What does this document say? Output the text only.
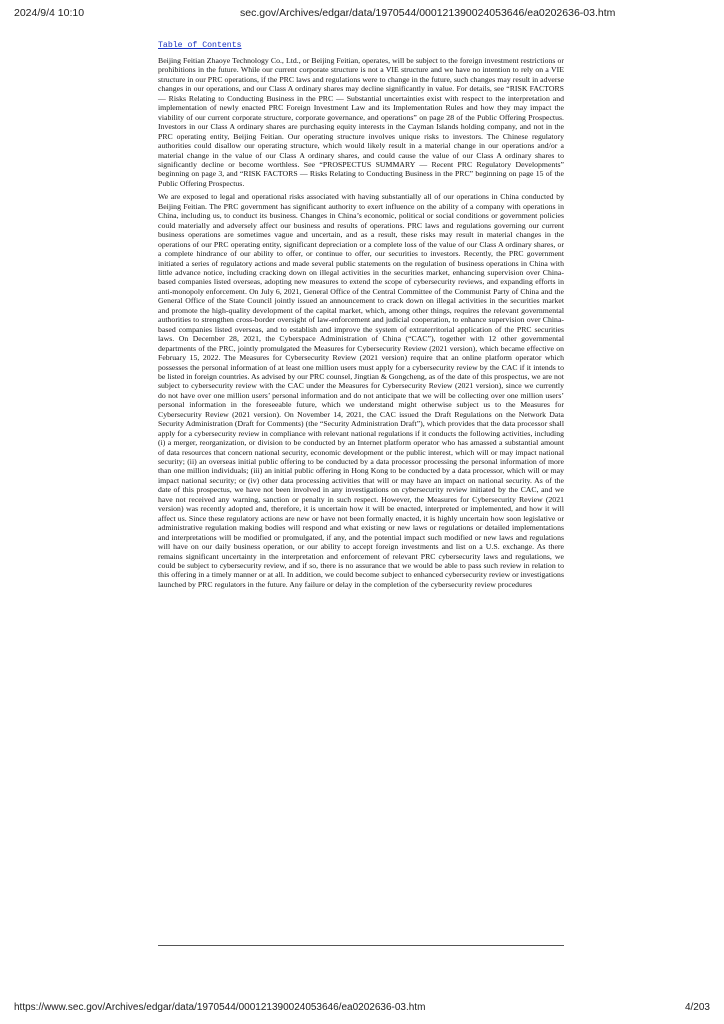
2024/9/4 10:10	sec.gov/Archives/edgar/data/1970544/000121390024053646/ea0202636-03.htm
Table of Contents

Beijing Feitian Zhaoye Technology Co., Ltd., or Beijing Feitian, operates, will be subject to the foreign investment restrictions or prohibitions in the future. While our current corporate structure is not a VIE structure and we have no intention to rely on a VIE structure in our PRC operations, if the PRC laws and regulations were to change in the future, such changes may result in adverse changes in our operations, and our Class A ordinary shares may decline significantly in value. For details, see “RISK FACTORS — Risks Relating to Conducting Business in the PRC — Substantial uncertainties exist with respect to the interpretation and implementation of newly enacted PRC Foreign Investment Law and its Implementation Rules and how they may impact the viability of our current corporate structure, corporate governance, and operations” on page 28 of the Public Offering Prospectus. Investors in our Class A ordinary shares are purchasing equity interests in the Cayman Islands holding company, and not in the PRC operating entity, Beijing Feitian. Our operating structure involves unique risks to investors. The Chinese regulatory authorities could disallow our operating structure, which would likely result in a material change in our operations and/or a material change in the value of our Class A ordinary shares, and could cause the value of our Class A ordinary shares to significantly decline or become worthless. See “PROSPECTUS SUMMARY — Recent PRC Regulatory Developments” beginning on page 3, and “RISK FACTORS — Risks Relating to Conducting Business in the PRC” beginning on page 15 of the Public Offering Prospectus.

We are exposed to legal and operational risks associated with having substantially all of our operations in China conducted by Beijing Feitian. The PRC government has significant authority to exert influence on the ability of a company with operations in China, including us, to conduct its business. Changes in China’s economic, political or social conditions or government policies could materially and adversely affect our business and results of operations. PRC laws and regulations governing our current business operations are sometimes vague and uncertain, and as a result, these risks may result in material changes in the operations of our PRC operating entity, significant depreciation or a complete loss of the value of our Class A ordinary shares, or a complete hindrance of our ability to offer, or continue to offer, our securities to investors. Recently, the PRC government initiated a series of regulatory actions and made several public statements on the regulation of business operations in China with little advance notice, including cracking down on illegal activities in the securities market, enhancing supervision over China-based companies listed overseas, adopting new measures to extend the scope of cybersecurity reviews, and expanding efforts in anti-monopoly enforcement. On July 6, 2021, General Office of the Central Committee of the Communist Party of China and the General Office of the State Council jointly issued an announcement to crack down on illegal activities in the securities market and promote the high-quality development of the capital market, which, among other things, requires the relevant governmental authorities to strengthen cross-border oversight of law-enforcement and judicial cooperation, to enhance supervision over China-based companies listed overseas, and to establish and improve the system of extraterritorial application of the PRC securities laws. On December 28, 2021, the Cyberspace Administration of China (“CAC”), together with 12 other governmental departments of the PRC, jointly promulgated the Measures for Cybersecurity Review (2021 version), which became effective on February 15, 2022. The Measures for Cybersecurity Review (2021 version) require that an online platform operator which possesses the personal information of at least one million users must apply for a cybersecurity review by the CAC if it intends to be listed in foreign countries. As advised by our PRC counsel, Jingtian & Gongcheng, as of the date of this prospectus, we are not subject to cybersecurity review with the CAC under the Measures for Cybersecurity Review (2021 version), since we currently do not have over one million users’ personal information and do not anticipate that we will be collecting over one million users’ personal information in the foreseeable future, which we understand might otherwise subject us to the Measures for Cybersecurity Review (2021 version). On November 14, 2021, the CAC issued the Draft Regulations on the Network Data Security Administration (Draft for Comments) (the “Security Administration Draft”), which provides that the data processor shall apply for a cybersecurity review in compliance with relevant national regulations if it conducts the following activities, including (i) a merger, reorganization, or division to be conducted by an Internet platform operator who has amassed a substantial amount of data resources that concern national security, economic development or the public interest, which will or may impact national security; (ii) an overseas initial public offering to be conducted by a data processor processing the personal information of more than one million individuals; (iii) an initial public offering in Hong Kong to be conducted by a data processor, which will or may impact national security; or (iv) other data processing activities that will or may have an impact on national security. As of the date of this prospectus, we have not been involved in any investigations on cybersecurity review initiated by the CAC, and we have not received any warning, sanction or penalty in such respect. However, the Measures for Cybersecurity Review (2021 version) was recently adopted and, therefore, it is uncertain how it will be enacted, interpreted or implemented, and how it will affect us. Since these regulatory actions are new or have not been formally enacted, it is highly uncertain how soon legislative or administrative regulation making bodies will respond and what existing or new laws or regulations or detailed implementations and interpretations will be modified or promulgated, if any, and the potential impact such modified or new laws and regulations will have on our daily business operation, or our ability to accept foreign investments and list on a U.S. exchange. As there remains significant uncertainty in the interpretation and enforcement of relevant PRC cybersecurity laws and regulations, we could be subject to cybersecurity review, and if so, there is no assurance that we would be able to pass such review in relation to this offering in a timely manner or at all. In addition, we could become subject to enhanced cybersecurity review or investigations launched by PRC regulators in the future. Any failure or delay in the completion of the cybersecurity review procedures

https://www.sec.gov/Archives/edgar/data/1970544/000121390024053646/ea0202636-03.htm	4/203
